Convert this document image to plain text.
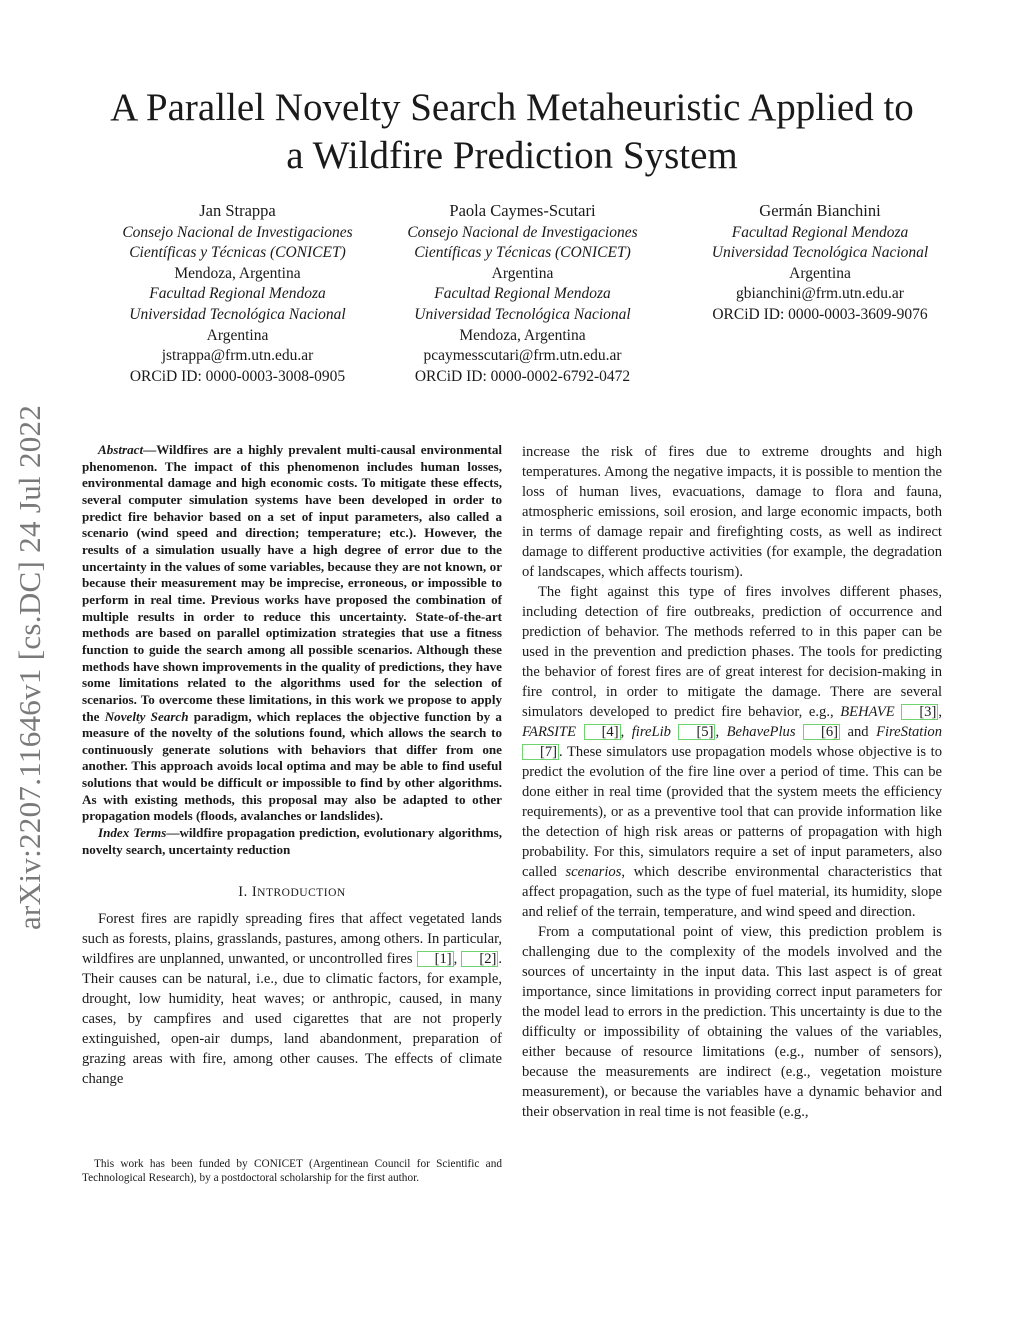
arXiv:2207.11646v1 [cs.DC] 24 Jul 2022
A Parallel Novelty Search Metaheuristic Applied to
a Wildfire Prediction System
Jan Strappa
Consejo Nacional de Investigaciones
Científicas y Técnicas (CONICET)
Mendoza, Argentina
Facultad Regional Mendoza
Universidad Tecnológica Nacional
Argentina
jstrappa@frm.utn.edu.ar
ORCiD ID: 0000-0003-3008-0905
Paola Caymes-Scutari
Consejo Nacional de Investigaciones
Científicas y Técnicas (CONICET)
Argentina
Facultad Regional Mendoza
Universidad Tecnológica Nacional
Mendoza, Argentina
pcaymesscutari@frm.utn.edu.ar
ORCiD ID: 0000-0002-6792-0472
Germán Bianchini
Facultad Regional Mendoza
Universidad Tecnológica Nacional
Argentina
gbianchini@frm.utn.edu.ar
ORCiD ID: 0000-0003-3609-9076
Abstract—Wildfires are a highly prevalent multi-causal environmental phenomenon. The impact of this phenomenon includes human losses, environmental damage and high economic costs. To mitigate these effects, several computer simulation systems have been developed in order to predict fire behavior based on a set of input parameters, also called a scenario (wind speed and direction; temperature; etc.). However, the results of a simulation usually have a high degree of error due to the uncertainty in the values of some variables, because they are not known, or because their measurement may be imprecise, erroneous, or impossible to perform in real time. Previous works have proposed the combination of multiple results in order to reduce this uncertainty. State-of-the-art methods are based on parallel optimization strategies that use a fitness function to guide the search among all possible scenarios. Although these methods have shown improvements in the quality of predictions, they have some limitations related to the algorithms used for the selection of scenarios. To overcome these limitations, in this work we propose to apply the Novelty Search paradigm, which replaces the objective function by a measure of the novelty of the solutions found, which allows the search to continuously generate solutions with behaviors that differ from one another. This approach avoids local optima and may be able to find useful solutions that would be difficult or impossible to find by other algorithms. As with existing methods, this proposal may also be adapted to other propagation models (floods, avalanches or landslides).
Index Terms—wildfire propagation prediction, evolutionary algorithms, novelty search, uncertainty reduction
I. INTRODUCTION

Forest fires are rapidly spreading fires that affect vegetated lands such as forests, plains, grasslands, pastures, among others. In particular, wildfires are unplanned, unwanted, or uncontrolled fires [1] , [2] . Their causes can be natural, i.e., due to climatic factors, for example, drought, low humidity, heat waves; or anthropic, caused, in many cases, by campfires and used cigarettes that are not properly extinguished, open-air dumps, land abandonment, preparation of grazing areas with fire, among other causes. The effects of climate change

This work has been funded by CONICET (Argentinean Council for Scientific and Technological Research), by a postdoctoral scholarship for the first author.

increase the risk of fires due to extreme droughts and high temperatures. Among the negative impacts, it is possible to mention the loss of human lives, evacuations, damage to flora and fauna, atmospheric emissions, soil erosion, and large economic impacts, both in terms of damage repair and firefighting costs, as well as indirect damage to different productive activities (for example, the degradation of landscapes, which affects tourism).

The fight against this type of fires involves different phases, including detection of fire outbreaks, prediction of occurrence and prediction of behavior. The methods referred to in this paper can be used in the prevention and prediction phases. The tools for predicting the behavior of forest fires are of great interest for decision-making in fire control, in order to mitigate the damage. There are several simulators developed to predict fire behavior, e.g., BEHAVE [3] , FARSITE [4] , fireLib [5] , BehavePlus [6] and FireStation [7] . These simulators use propagation models whose objective is to predict the evolution of the fire line over a period of time. This can be done either in real time (provided that the system meets the efficiency requirements), or as a preventive tool that can provide information like the detection of high risk areas or patterns of propagation with high probability. For this, simulators require a set of input parameters, also called scenarios, which describe environmental characteristics that affect propagation, such as the type of fuel material, its humidity, slope and relief of the terrain, temperature, and wind speed and direction.

From a computational point of view, this prediction problem is challenging due to the complexity of the models involved and the sources of uncertainty in the input data. This last aspect is of great importance, since limitations in providing correct input parameters for the model lead to errors in the prediction. This uncertainty is due to the difficulty or impossibility of obtaining the values of the variables, either because of resource limitations (e.g., number of sensors), because the measurements are indirect (e.g., vegetation moisture measurement), or because the variables have a dynamic behavior and their observation in real time is not feasible (e.g.,
